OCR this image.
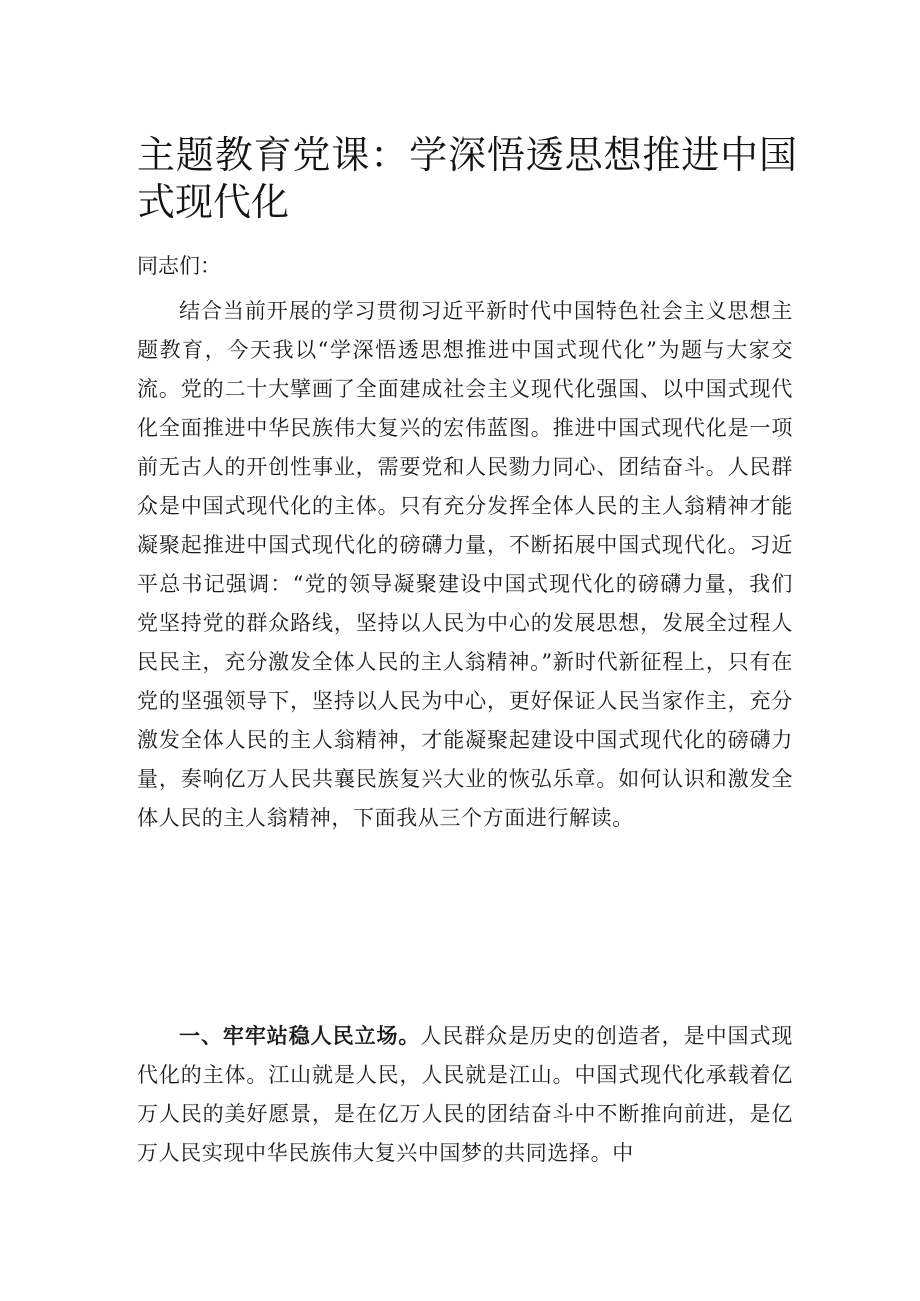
主题教育党课：学深悟透思想推进中国式现代化

同志们：

结合当前开展的学习贯彻习近平新时代中国特色社会主义思想主题教育，今天我以“学深悟透思想推进中国式现代化”为题与大家交流。党的二十大擘画了全面建成社会主义现代化强国、以中国式现代化全面推进中华民族伟大复兴的宏伟蓝图。推进中国式现代化是一项前无古人的开创性事业，需要党和人民勠力同心、团结奋斗。人民群众是中国式现代化的主体。只有充分发挥全体人民的主人翁精神才能凝聚起推进中国式现代化的磅礴力量，不断拓展中国式现代化。习近平总书记强调：“党的领导凝聚建设中国式现代化的磅礴力量，我们党坚持党的群众路线，坚持以人民为中心的发展思想，发展全过程人民民主，充分激发全体人民的主人翁精神。”新时代新征程上，只有在党的坚强领导下，坚持以人民为中心，更好保证人民当家作主，充分激发全体人民的主人翁精神，才能凝聚起建设中国式现代化的磅礴力量，奏响亿万人民共襄民族复兴大业的恢弘乐章。如何认识和激发全体人民的主人翁精神，下面我从三个方面进行解读。

一、牢牢站稳人民立场。人民群众是历史的创造者，是中国式现代化的主体。江山就是人民，人民就是江山。中国式现代化承载着亿万人民的美好愿景，是在亿万人民的团结奋斗中不断推向前进，是亿万人民实现中华民族伟大复兴中国梦的共同选择。中
